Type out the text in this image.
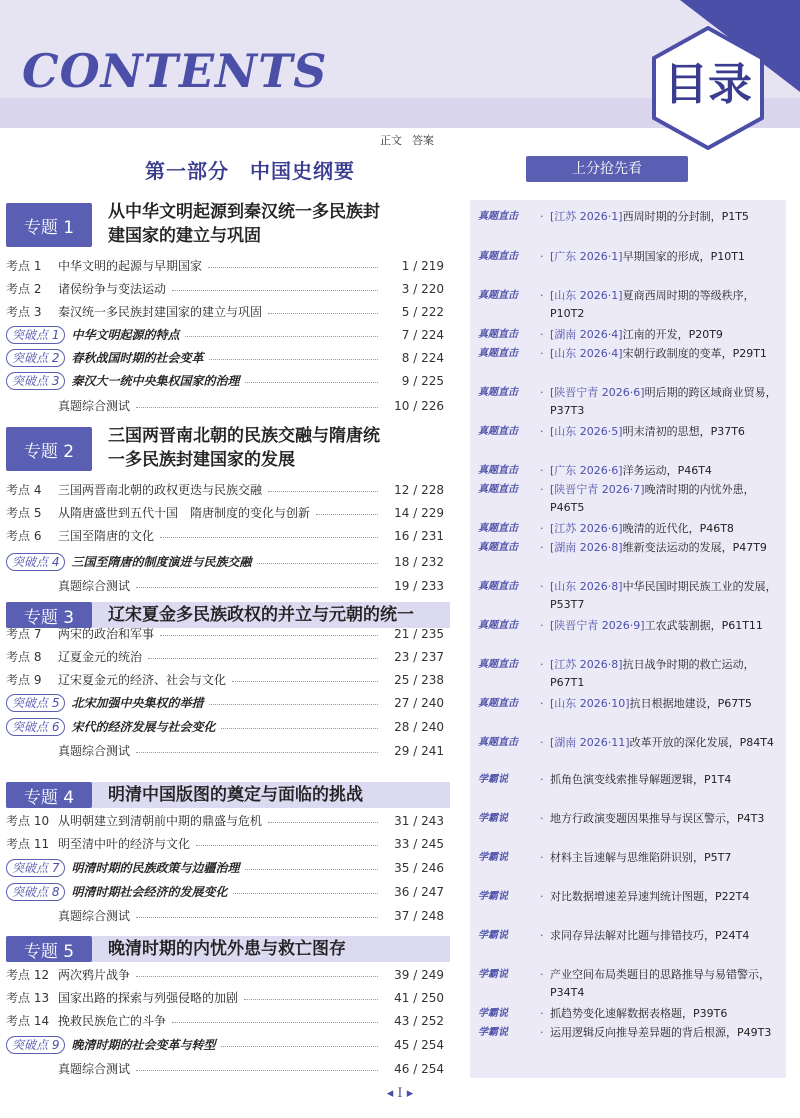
CONTENTS	目录
正文 答案
第一部分　中国史纲要
专题 1
从中华文明起源到秦汉统一多民族封
建国家的建立与巩固
专题 2
三国两晋南北朝的民族交融与隋唐统
一多民族封建国家的发展
专题 3	辽宋夏金多民族政权的并立与元朝的统一
专题 4	明清中国版图的奠定与面临的挑战
专题 5	晚清时期的内忧外患与救亡图存
考点 1	中华文明的起源与早期国家	1 / 219
考点 2	诸侯纷争与变法运动	3 / 220
考点 3	秦汉统一多民族封建国家的建立与巩固	5 / 222
突破点 1	中华文明起源的特点	7 / 224
突破点 2	春秋战国时期的社会变革	8 / 224
突破点 3	秦汉大一统中央集权国家的治理	9 / 225
真题综合测试	10 / 226
考点 4	三国两晋南北朝的政权更迭与民族交融	12 / 228
考点 5	从隋唐盛世到五代十国　隋唐制度的变化与创新	14 / 229
考点 6	三国至隋唐的文化	16 / 231
突破点 4	三国至隋唐的制度演进与民族交融	18 / 232
真题综合测试	19 / 233
考点 7	两宋的政治和军事	21 / 235
考点 8	辽夏金元的统治	23 / 237
考点 9	辽宋夏金元的经济、社会与文化	25 / 238
突破点 5	北宋加强中央集权的举措	27 / 240
突破点 6	宋代的经济发展与社会变化	28 / 240
真题综合测试	29 / 241
考点 10 从明朝建立到清朝前中期的鼎盛与危机	31 / 243
考点 11 明至清中叶的经济与文化	33 / 245
突破点 7	明清时期的民族政策与边疆治理	35 / 246
突破点 8	明清时期社会经济的发展变化	36 / 247
真题综合测试	37 / 248
考点 12 两次鸦片战争	39 / 249
考点 13 国家出路的探索与列强侵略的加剧	41 / 250
考点 14 挽救民族危亡的斗争	43 / 252
突破点 9	晚清时期的社会变革与转型	45 / 254
真题综合测试	46 / 254
上分抢先看
真题直击	· [江苏 2026·1]西周时期的分封制，P1T5
真题直击	· [广东 2026·1]早期国家的形成，P10T1
真题直击	· [山东 2026·1]夏商西周时期的等级秩序，P10T2
真题直击	· [湖南 2026·4]江南的开发，P20T9
真题直击	· [山东 2026·4]宋朝行政制度的变革，P29T1
真题直击	· [陕晋宁青 2026·6]明后期的跨区域商业贸易，P37T3
真题直击	· [山东 2026·5]明末清初的思想，P37T6
真题直击	· [广东 2026·6]洋务运动，P46T4
真题直击	· [陕晋宁青 2026·7]晚清时期的内忧外患，P46T5
真题直击	· [江苏 2026·6]晚清的近代化，P46T8
真题直击	· [湖南 2026·8]维新变法运动的发展，P47T9
真题直击	· [山东 2026·8]中华民国时期民族工业的发展，P53T7
真题直击	· [陕晋宁青 2026·9]工农武装割据，P61T11
真题直击	· [江苏 2026·8]抗日战争时期的救亡运动，P67T1
真题直击	· [山东 2026·10]抗日根据地建设，P67T5
真题直击	· [湖南 2026·11]改革开放的深化发展，P84T4
学霸说	· 抓角色演变线索推导解题逻辑，P1T4
学霸说	· 地方行政演变题因果推导与误区警示，P4T3
学霸说	· 材料主旨速解与思维陷阱识别，P5T7
学霸说	· 对比数据增速差异速判统计图题，P22T4
学霸说	· 求同存异法解对比题与排错技巧，P24T4
学霸说	· 产业空间布局类题目的思路推导与易错警示，P34T4
学霸说	· 抓趋势变化速解数据表格题，P39T6
学霸说	· 运用逻辑反向推导差异题的背后根源，P49T3
◂ I ▸
